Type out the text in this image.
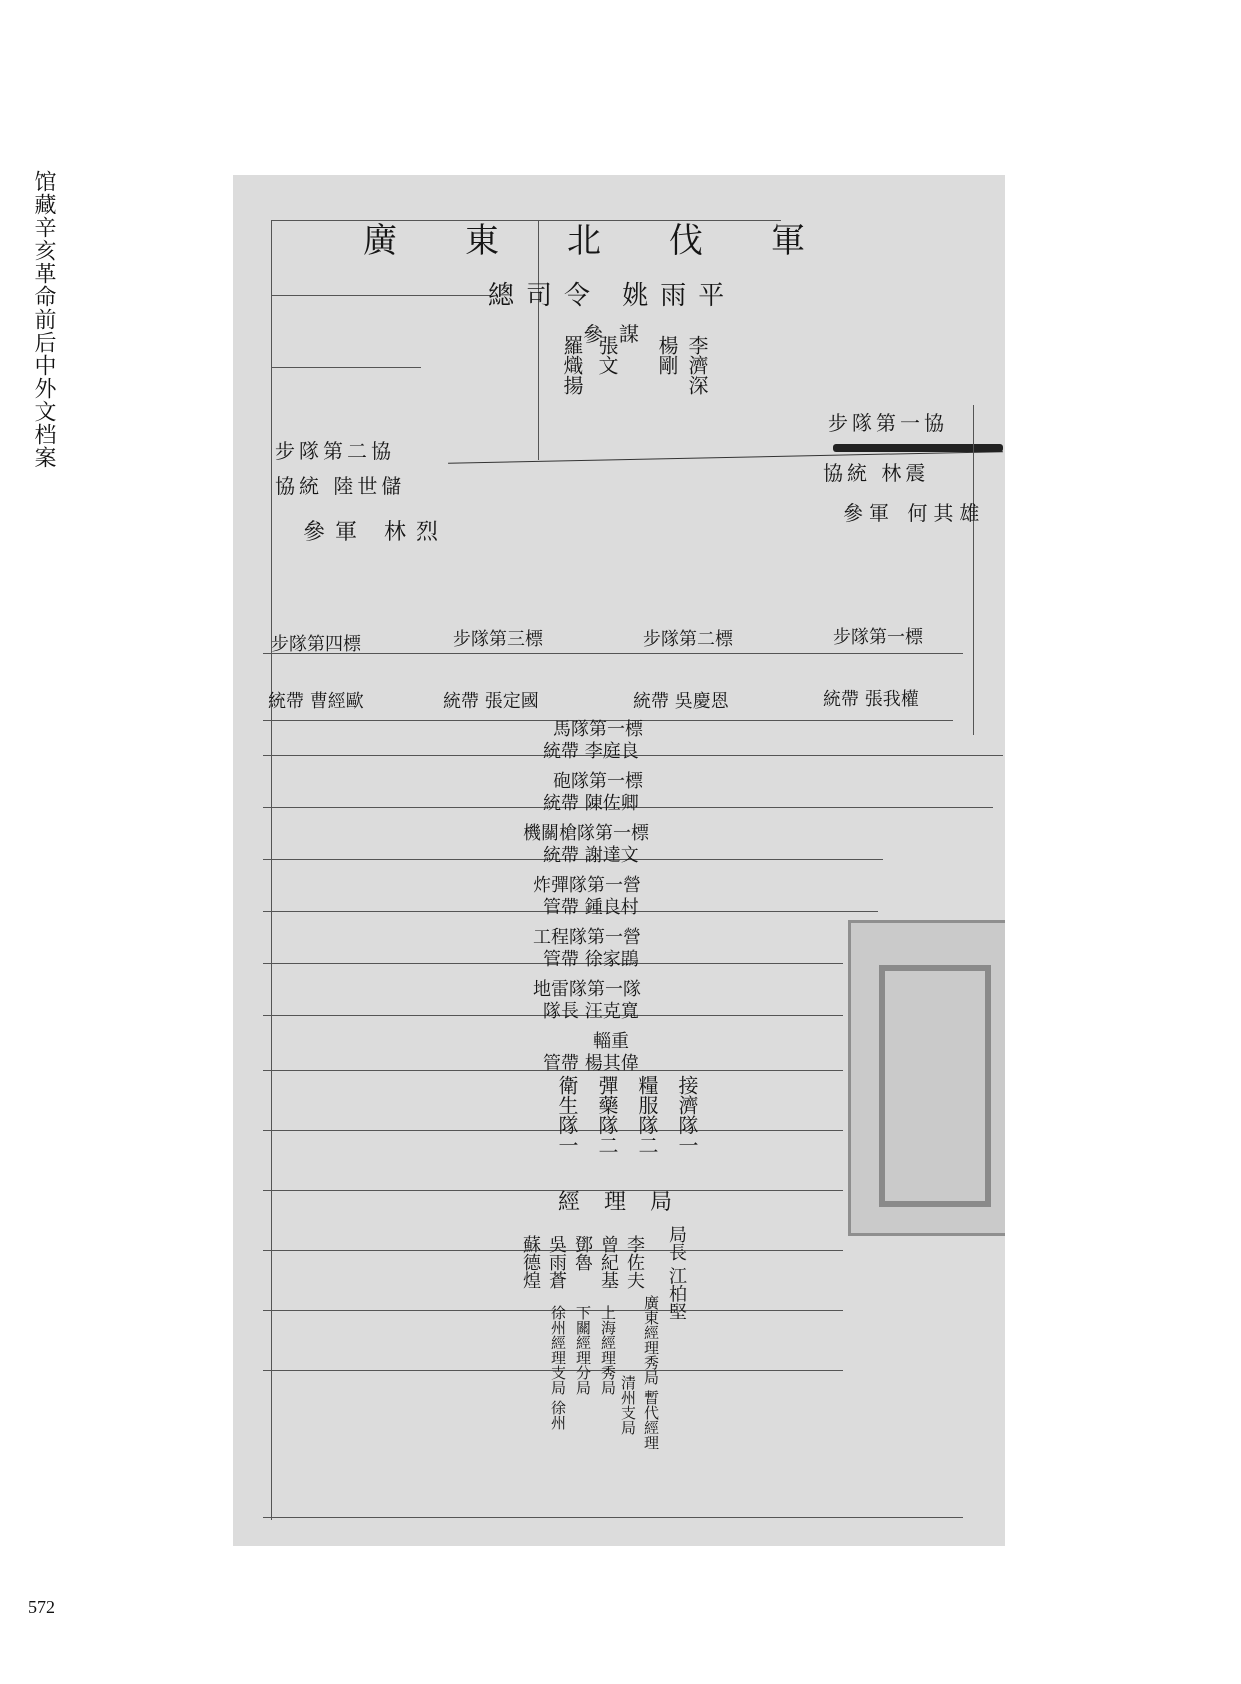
馆藏辛亥革命前后中外文档案	廣東北伐軍
總司令 姚雨平
參謀
李濟深
楊剛
張文
羅熾揚
步隊第一協
協統 林震
參軍 何其雄
步隊第二協
協統 陸世儲
參軍 林烈
步隊第一標
統帶 張我權
步隊第二標
統帶 吳慶恩
步隊第三標
統帶 張定國
步隊第四標
統帶 曹經歐
馬隊第一標
統帶 李庭良
砲隊第一標
統帶 陳佐卿
機關槍隊第一標
統帶 謝達文
炸彈隊第一營
管帶 鍾良村
工程隊第一營
管帶 徐家鵾
地雷隊第一隊
隊長 汪克寬
輜重
管帶 楊其偉
接濟隊一
糧服隊二
彈藥隊二
衛生隊一
經理局
局長 江柏堅
廣東經理秀局 暫代經理
李佐夫
曾紀基
上海經理秀局
鄧魯
下關經理分局
吳雨蒼
清州支局
蘇德煌
徐州經理支局 徐州
572
